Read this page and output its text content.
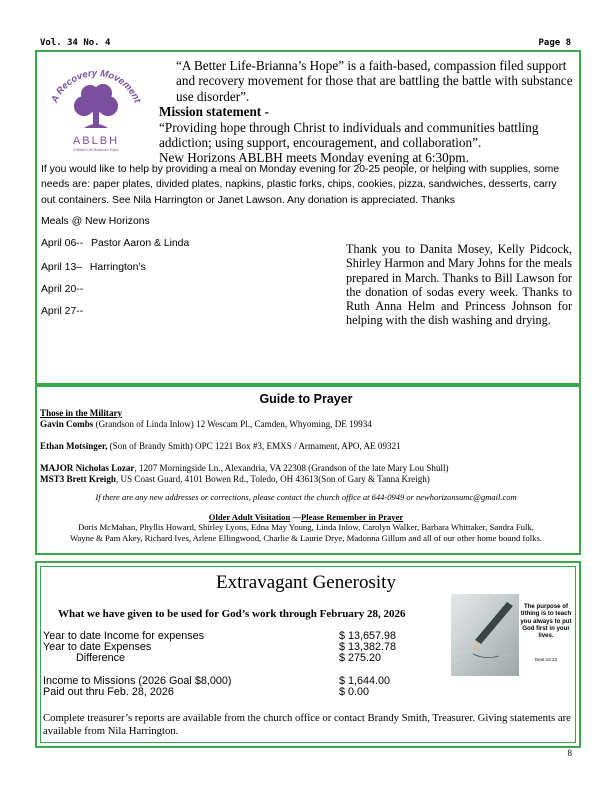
Vol. 34 No. 4	Page 8
A Recovery Movement
ABLBH
A Better Life Brianna's Hope
“A Better Life-Brianna’s Hope” is a faith-based, compassion filed support and recovery movement for those that are battling the battle with substance use disorder”.
Mission statement -
“Providing hope through Christ to individuals and communities battling addiction; using support, encouragement, and collaboration”.
New Horizons ABLBH meets Monday evening at 6:30pm.
If you would like to help by providing a meal on Monday evening for 20-25 people, or helping with supplies, some needs are: paper plates, divided plates, napkins, plastic forks, chips, cookies, pizza, sandwiches, desserts, carry out containers. See Nila Harrington or Janet Lawson. Any donation is appreciated. Thanks
Meals @ New Horizons
April 06-- Pastor Aaron & Linda
April 13– Harrington’s
April 20--
April 27--
Thank you to Danita Mosey, Kelly Pidcock, Shirley Harmon and Mary Johns for the meals prepared in March. Thanks to Bill Lawson for the donation of sodas every week. Thanks to Ruth Anna Helm and Princess Johnson for helping with the dish washing and drying.
Guide to Prayer
Those in the Military
Gavin Combs (Grandson of Linda Inlow) 12 Wescam Pl., Camden, Whyoming, DE 19934
Ethan Motsinger, (Son of Brandy Smith) OPC 1221 Box #3, EMXS / Armament, APO, AE 09321
MAJOR Nicholas Lozar, 1207 Morningside Ln., Alexandria, VA 22308 (Grandson of the late Mary Lou Shull)
MST3 Brett Kreigh, US Coast Guard, 4101 Bowen Rd., Toledo, OH 43613(Son of Gary & Tanna Kreigh)
If there are any new addresses or corrections, please contact the church office at 644-0949 or newhorizonsumc@gmail.com
Older Adult Visitation —Please Remember in Prayer
Doris McMahan, Phyllis Howard, Shirley Lyons, Edna May Young, Linda Inlow, Carolyn Walker, Barbara Whittaker, Sandra Fulk,
Wayne & Pam Akey, Richard Ives, Arlene Ellingwood, Charlie & Laurie Drye, Madonna Gillum and all of our other home bound folks.
Extravagant Generosity
What we have given to be used for God’s work through February 28, 2026
Year to date Income for expenses	$ 13,657.98
Year to date Expenses	$ 13,382.78
Difference	$ 275.20
Income to Missions (2026 Goal $8,000)	$ 1,644.00
Paid out thru Feb. 28, 2026	$ 0.00
The purpose of tithing is to teach you always to put God first in your lives.
Deut 14:23
Complete treasurer’s reports are available from the church office or contact Brandy Smith, Treasurer. Giving statements are available from Nila Harrington.
8
